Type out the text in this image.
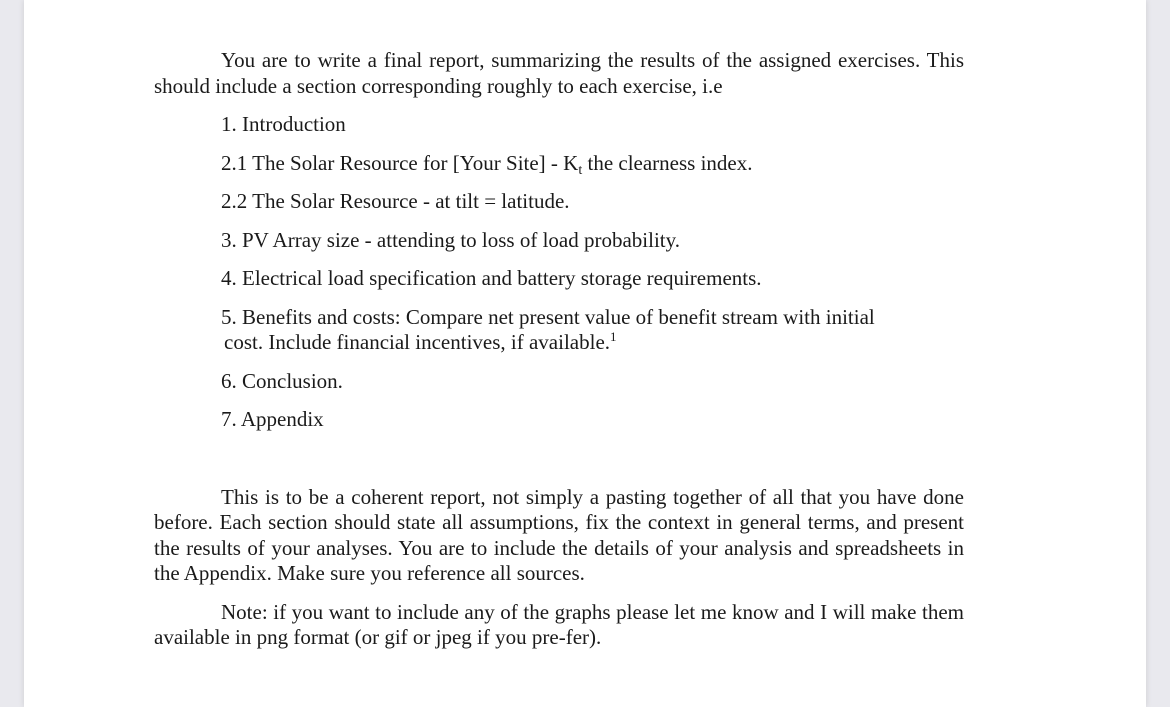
You are to write a final report, summarizing the results of the assigned exercises. This should include a section corresponding roughly to each exercise, i.e

1. Introduction
2.1 The Solar Resource for [Your Site] - $K_t$ the clearness index.
2.2 The Solar Resource - at tilt = latitude.
3. PV Array size - attending to loss of load probability.
4. Electrical load specification and battery storage requirements.
5. Benefits and costs: Compare net present value of benefit stream with initial
cost. Include financial incentives, if available.$^1$
6. Conclusion.
7. Appendix

This is to be a coherent report, not simply a pasting together of all that you have done before. Each section should state all assumptions, fix the context in general terms, and present the results of your analyses. You are to include the details of your analysis and spreadsheets in the Appendix. Make sure you reference all sources.

Note: if you want to include any of the graphs please let me know and I will make them available in png format (or gif or jpeg if you pre-fer).
